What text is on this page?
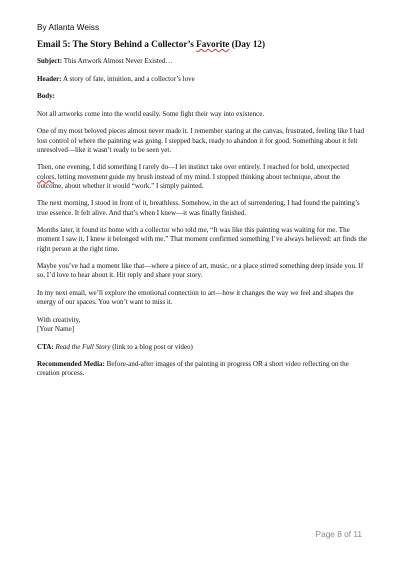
By Atlanta Weiss
Email 5: The Story Behind a Collector’s Favorite (Day 12)

Subject: This Artwork Almost Never Existed…

Header: A story of fate, intuition, and a collector’s love

Body:

Not all artworks come into the world easily. Some fight their way into existence.

One of my most beloved pieces almost never made it. I remember staring at the canvas, frustrated, feeling like I had lost control of where the painting was going. I stepped back, ready to abandon it for good. Something about it felt unresolved—like it wasn’t ready to be seen yet.

Then, one evening, I did something I rarely do—I let instinct take over entirely. I reached for bold, unexpected colors, letting movement guide my brush instead of my mind. I stopped thinking about technique, about the outcome, about whether it would “work.” I simply painted.

The next morning, I stood in front of it, breathless. Somehow, in the act of surrendering, I had found the painting’s true essence. It felt alive. And that’s when I knew—it was finally finished.

Months later, it found its home with a collector who told me, “It was like this painting was waiting for me. The moment I saw it, I knew it belonged with me.” That moment confirmed something I’ve always believed: art finds the right person at the right time.

Maybe you’ve had a moment like that—where a piece of art, music, or a place stirred something deep inside you. If so, I’d love to hear about it. Hit reply and share your story.

In my next email, we’ll explore the emotional connection to art—how it changes the way we feel and shapes the energy of our spaces. You won’t want to miss it.

With creativity,
[Your Name]

CTA: Read the Full Story (link to a blog post or video)

Recommended Media: Before-and-after images of the painting in progress OR a short video reflecting on the creation process.

Page 8 of 11
